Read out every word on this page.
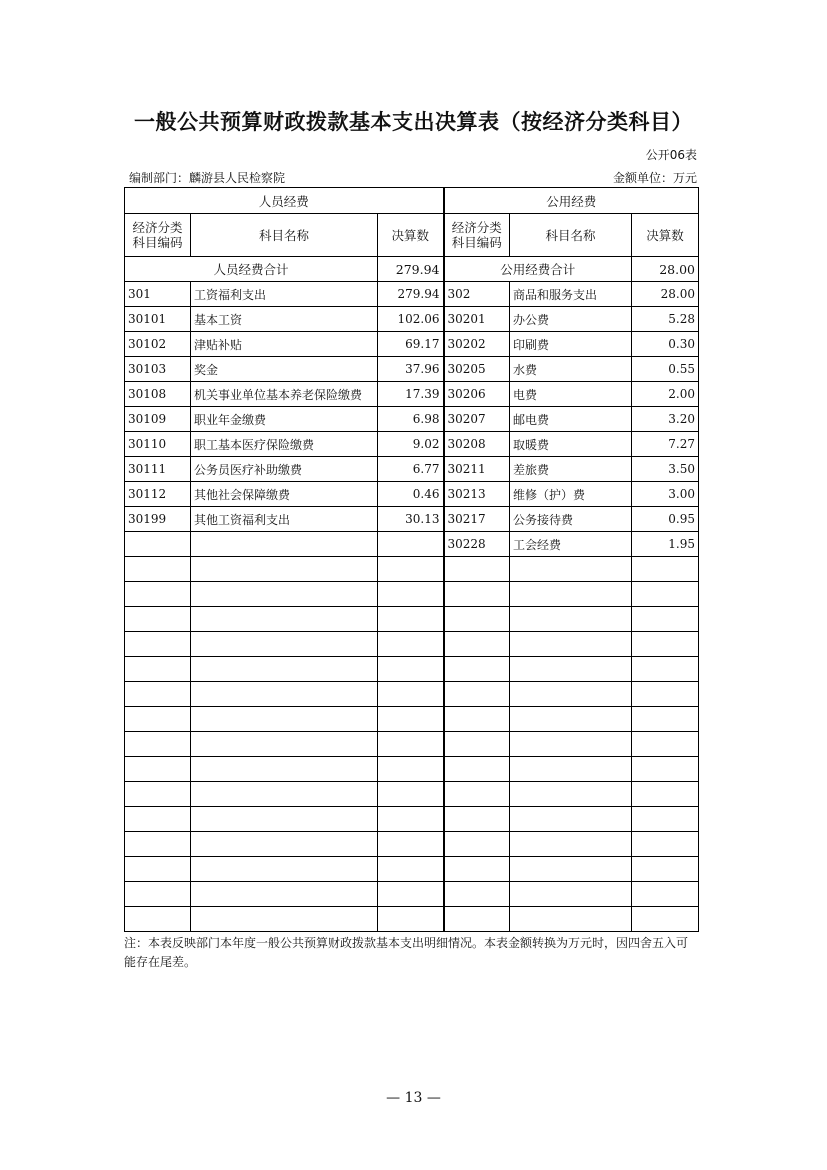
一般公共预算财政拨款基本支出决算表（按经济分类科目）
公开06表
编制部门：麟游县人民检察院	金额单位：万元
人员经费			公用经费		
经济分类科目编码	科目名称	决算数	经济分类科目编码	科目名称	决算数
人员经费合计		279.94	公用经费合计		28.00
301	工资福利支出	279.94	302	商品和服务支出	28.00
30101	基本工资	102.06	30201	办公费	5.28
30102	津贴补贴	69.17	30202	印刷费	0.30
30103	奖金	37.96	30205	水费	0.55
30108	机关事业单位基本养老保险缴费	17.39	30206	电费	2.00
30109	职业年金缴费	6.98	30207	邮电费	3.20
30110	职工基本医疗保险缴费	9.02	30208	取暖费	7.27
30111	公务员医疗补助缴费	6.77	30211	差旅费	3.50
30112	其他社会保障缴费	0.46	30213	维修（护）费	3.00
30199	其他工资福利支出	30.13	30217	公务接待费	0.95
			30228	工会经费	1.95

注：本表反映部门本年度一般公共预算财政拨款基本支出明细情况。本表金额转换为万元时，因四舍五入可能存在尾差。
— 13 —
